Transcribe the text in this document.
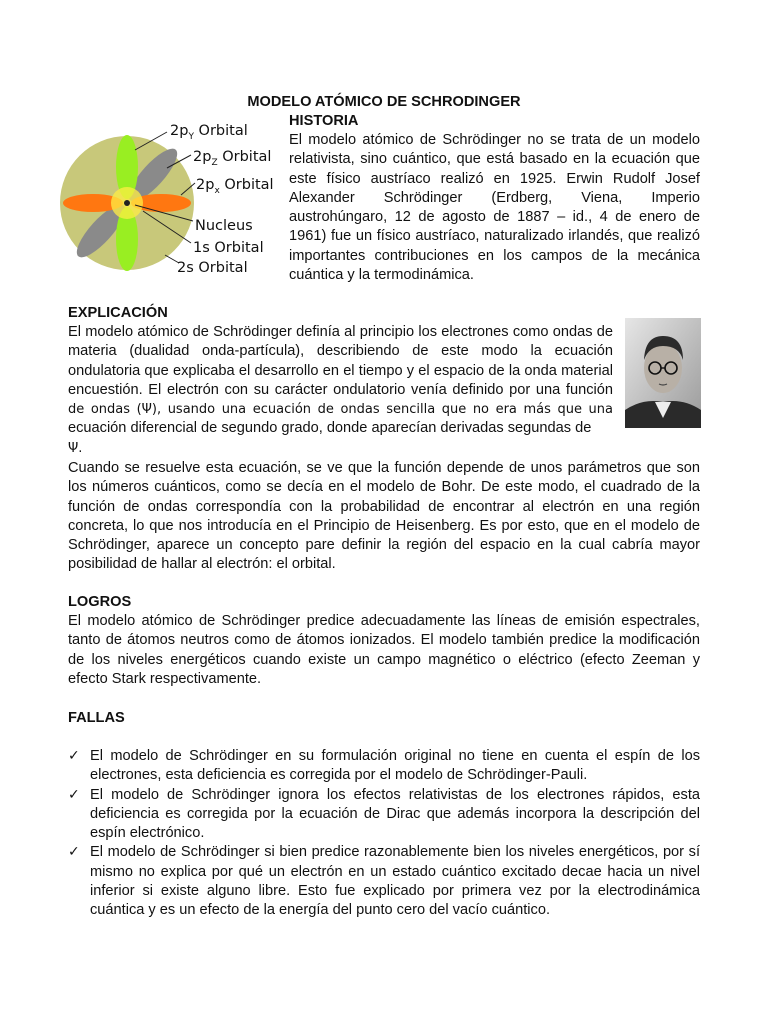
MODELO ATÓMICO DE SCHRODINGER
$2p_Y$ Orbital
$2p_Z$ Orbital
$2p_x$ Orbital
Nucleus
1s Orbital
2s Orbital
HISTORIA
El modelo atómico de Schrödinger no se trata de un modelo relativista, sino cuántico, que está basado en la ecuación que este físico austríaco realizó en 1925. Erwin Rudolf Josef Alexander Schrödinger (Erdberg, Viena, Imperio austrohúngaro, 12 de agosto de 1887 – id., 4 de enero de 1961) fue un físico austríaco, naturalizado irlandés, que realizó importantes contribuciones en los campos de la mecánica cuántica y la termodinámica.
EXPLICACIÓN
El modelo atómico de Schrödinger definía al principio los electrones como ondas de materia (dualidad onda-partícula), describiendo de este modo la ecuación ondulatoria que explicaba el desarrollo en el tiempo y el espacio de la onda material encuestión. El electrón con su carácter ondulatorio venía definido por una función de ondas (Ψ), usando una ecuación de ondas sencilla que no era más que una ecuación diferencial de segundo grado, donde aparecían derivadas segundas de
Ψ.
Cuando se resuelve esta ecuación, se ve que la función depende de unos parámetros que son los números cuánticos, como se decía en el modelo de Bohr. De este modo, el cuadrado de la función de ondas correspondía con la probabilidad de encontrar al electrón en una región concreta, lo que nos introducía en el Principio de Heisenberg. Es por esto, que en el modelo de Schrödinger, aparece un concepto pare definir la región del espacio en la cual cabría mayor posibilidad de hallar al electrón: el orbital.
LOGROS
El modelo atómico de Schrödinger predice adecuadamente las líneas de emisión espectrales, tanto de átomos neutros como de átomos ionizados. El modelo también predice la modificación de los niveles energéticos cuando existe un campo magnético o eléctrico (efecto Zeeman y efecto Stark respectivamente.
FALLAS
✓ El modelo de Schrödinger en su formulación original no tiene en cuenta el espín de los electrones, esta deficiencia es corregida por el modelo de Schrödinger-Pauli.
✓ El modelo de Schrödinger ignora los efectos relativistas de los electrones rápidos, esta deficiencia es corregida por la ecuación de Dirac que además incorpora la descripción del espín electrónico.
✓ El modelo de Schrödinger si bien predice razonablemente bien los niveles energéticos, por sí mismo no explica por qué un electrón en un estado cuántico excitado decae hacia un nivel inferior si existe alguno libre. Esto fue explicado por primera vez por la electrodinámica cuántica y es un efecto de la energía del punto cero del vacío cuántico.
